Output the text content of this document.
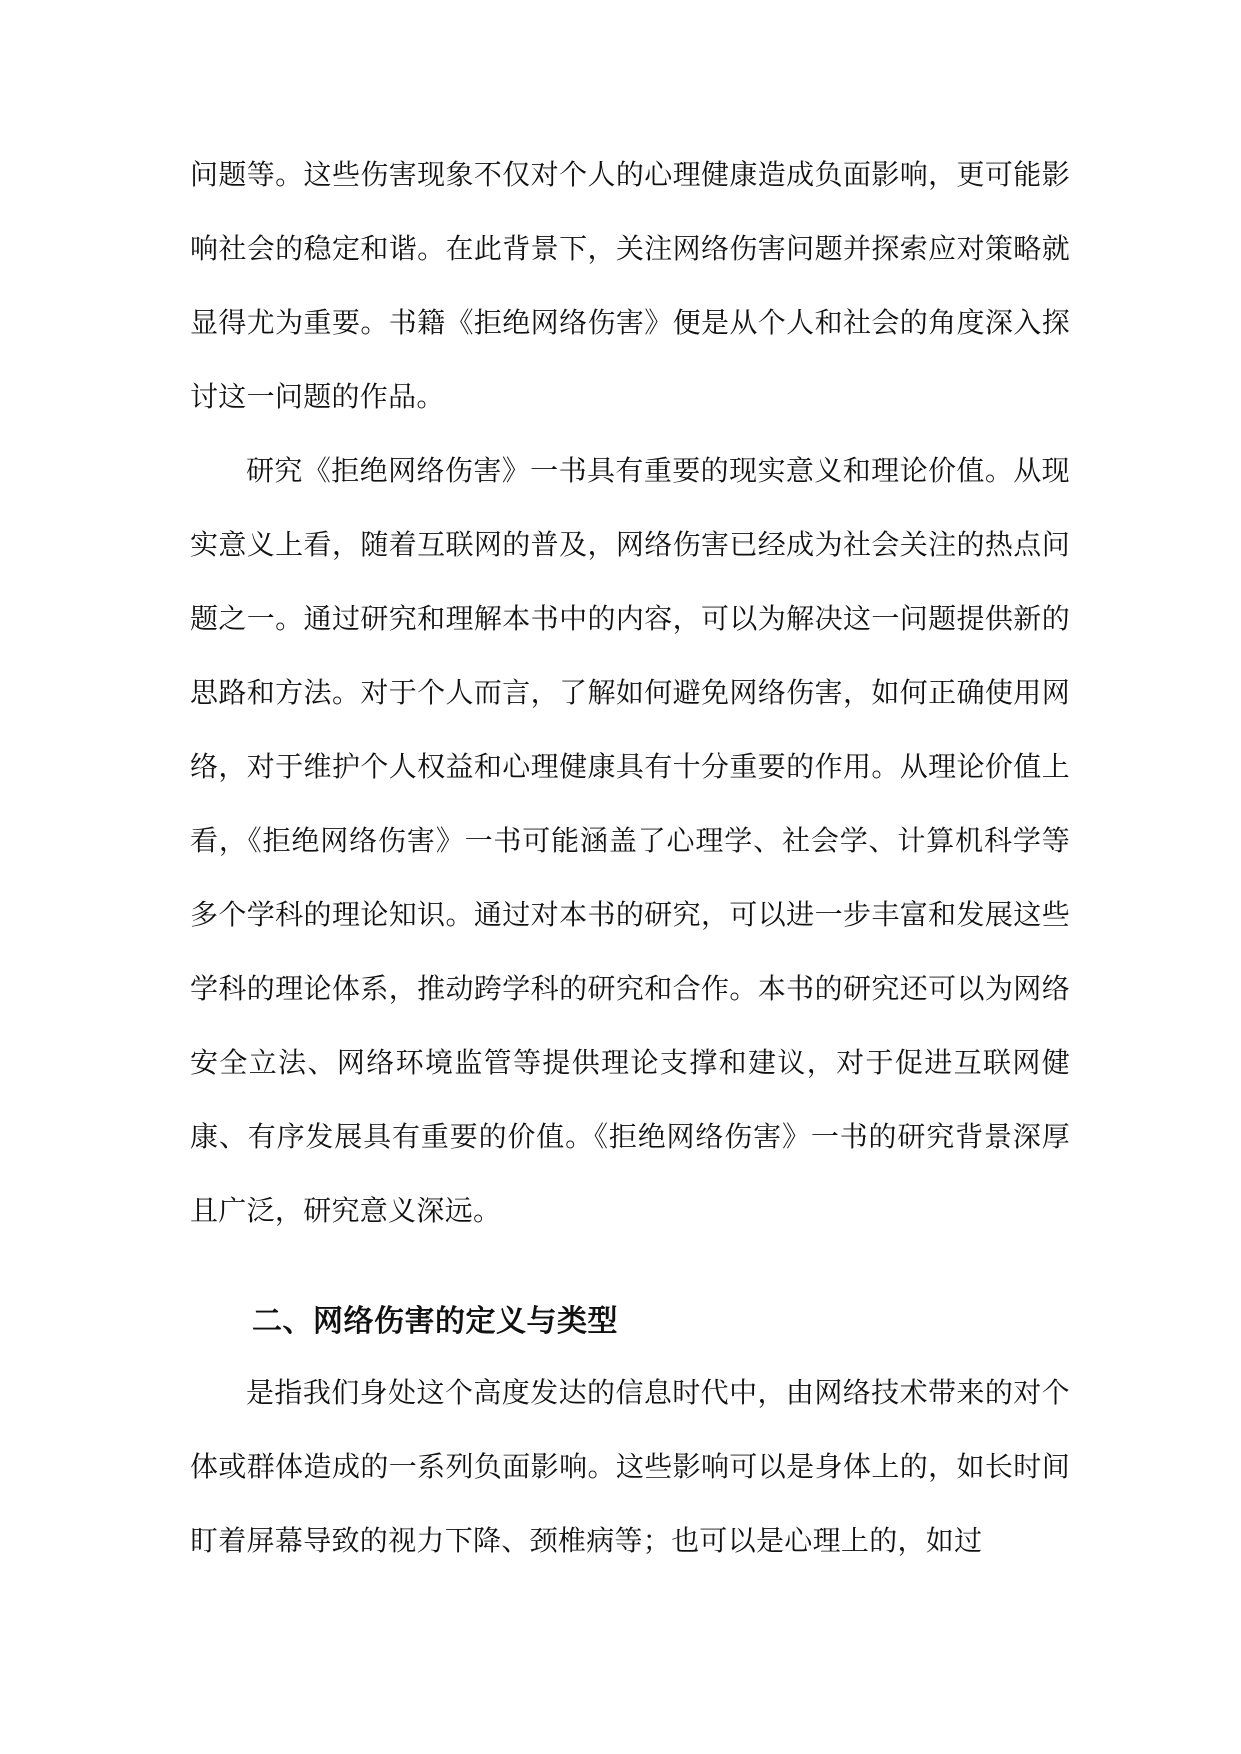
问题等。这些伤害现象不仅对个人的心理健康造成负面影响，更可能影响社会的稳定和谐。在此背景下，关注网络伤害问题并探索应对策略就显得尤为重要。书籍《拒绝网络伤害》便是从个人和社会的角度深入探讨这一问题的作品。

研究《拒绝网络伤害》一书具有重要的现实意义和理论价值。从现实意义上看，随着互联网的普及，网络伤害已经成为社会关注的热点问题之一。通过研究和理解本书中的内容，可以为解决这一问题提供新的思路和方法。对于个人而言，了解如何避免网络伤害，如何正确使用网络，对于维护个人权益和心理健康具有十分重要的作用。从理论价值上看，《拒绝网络伤害》一书可能涵盖了心理学、社会学、计算机科学等多个学科的理论知识。通过对本书的研究，可以进一步丰富和发展这些学科的理论体系，推动跨学科的研究和合作。本书的研究还可以为网络安全立法、网络环境监管等提供理论支撑和建议，对于促进互联网健康、有序发展具有重要的价值。《拒绝网络伤害》一书的研究背景深厚且广泛，研究意义深远。

二、网络伤害的定义与类型

是指我们身处这个高度发达的信息时代中，由网络技术带来的对个体或群体造成的一系列负面影响。这些影响可以是身体上的，如长时间盯着屏幕导致的视力下降、颈椎病等；也可以是心理上的，如过
